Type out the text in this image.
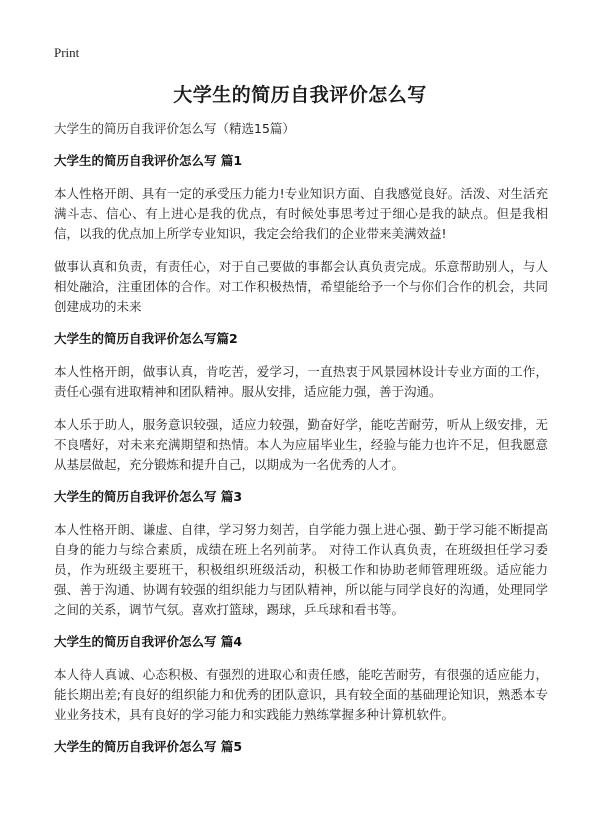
Print
大学生的简历自我评价怎么写

大学生的简历自我评价怎么写（精选15篇）

大学生的简历自我评价怎么写 篇1

本人性格开朗、具有一定的承受压力能力!专业知识方面、自我感觉良好。活泼、对生活充满斗志、信心、有上进心是我的优点，有时候处事思考过于细心是我的缺点。但是我相信，以我的优点加上所学专业知识，我定会给我们的企业带来美满效益!

做事认真和负责，有责任心，对于自己要做的事都会认真负责完成。乐意帮助别人，与人相处融洽，注重团体的合作。对工作积极热情，希望能给予一个与你们合作的机会，共同创建成功的未来

大学生的简历自我评价怎么写篇2

本人性格开朗，做事认真，肯吃苦，爱学习，一直热衷于风景园林设计专业方面的工作，责任心强有进取精神和团队精神。服从安排，适应能力强，善于沟通。

本人乐于助人，服务意识较强，适应力较强，勤奋好学，能吃苦耐劳，听从上级安排，无不良嗜好，对未来充满期望和热情。本人为应届毕业生，经验与能力也许不足，但我愿意从基层做起，充分锻炼和提升自己，以期成为一名优秀的人才。

大学生的简历自我评价怎么写 篇3

本人性格开朗、谦虚、自律，学习努力刻苦，自学能力强上进心强、勤于学习能不断提高自身的能力与综合素质，成绩在班上名列前茅。 对待工作认真负责，在班级担任学习委员，作为班级主要班干，积极组织班级活动，积极工作和协助老师管理班级。适应能力强、善于沟通、协调有较强的组织能力与团队精神，所以能与同学良好的沟通，处理同学之间的关系，调节气氛。喜欢打篮球，踢球，乒乓球和看书等。

大学生的简历自我评价怎么写 篇4

本人待人真诚、心态积极、有强烈的进取心和责任感，能吃苦耐劳，有很强的适应能力，能长期出差;有良好的组织能力和优秀的团队意识，具有较全面的基础理论知识，熟悉本专业业务技术，具有良好的学习能力和实践能力熟练掌握多种计算机软件。

大学生的简历自我评价怎么写 篇5
